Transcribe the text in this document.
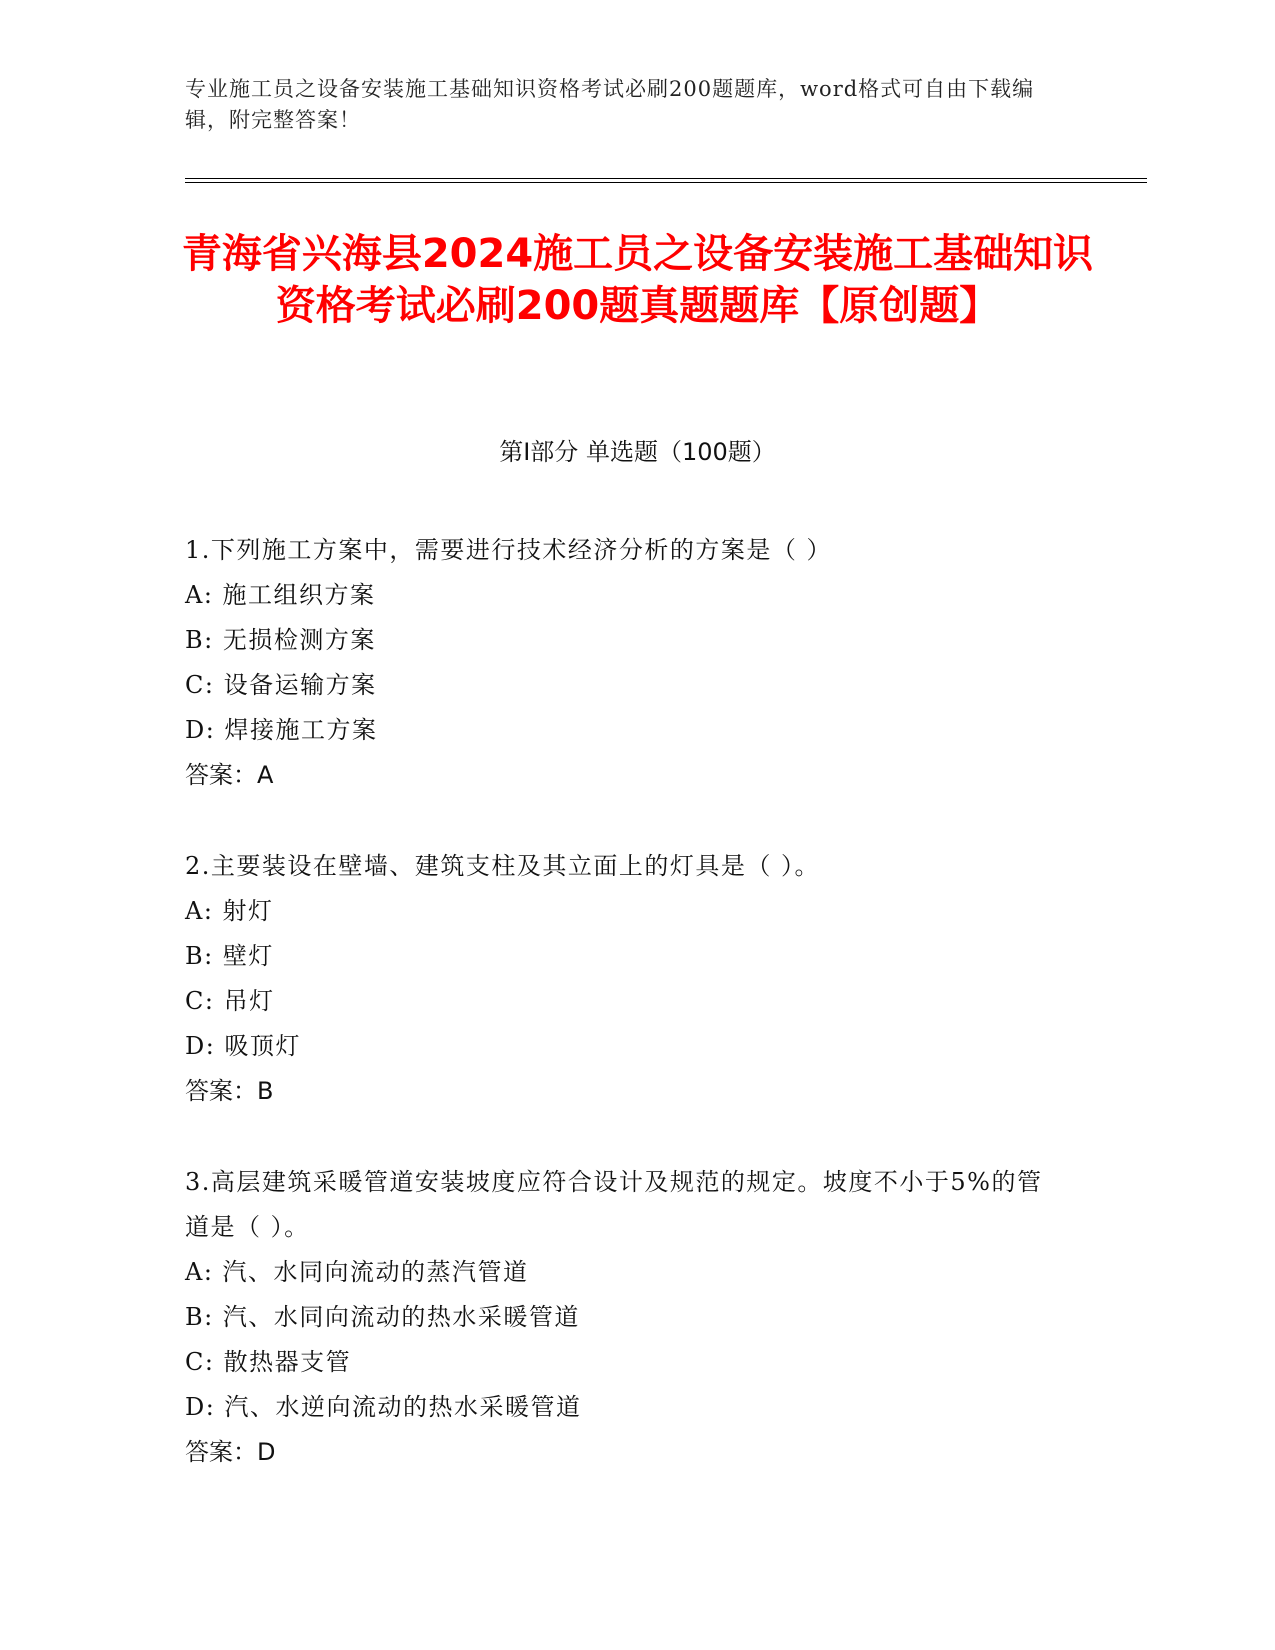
专业施工员之设备安装施工基础知识资格考试必刷200题题库，word格式可自由下载编辑，附完整答案！
青海省兴海县2024施工员之设备安装施工基础知识资格考试必刷200题真题题库【原创题】
第Ⅰ部分 单选题（100题）
1.下列施工方案中，需要进行技术经济分析的方案是（ ）
A: 施工组织方案
B: 无损检测方案
C: 设备运输方案
D: 焊接施工方案
答案：A
2.主要装设在壁墙、建筑支柱及其立面上的灯具是（ ）。
A: 射灯
B: 壁灯
C: 吊灯
D: 吸顶灯
答案：B
3.高层建筑采暖管道安装坡度应符合设计及规范的规定。坡度不小于5%的管道是（ ）。
A: 汽、水同向流动的蒸汽管道
B: 汽、水同向流动的热水采暖管道
C: 散热器支管
D: 汽、水逆向流动的热水采暖管道
答案：D
